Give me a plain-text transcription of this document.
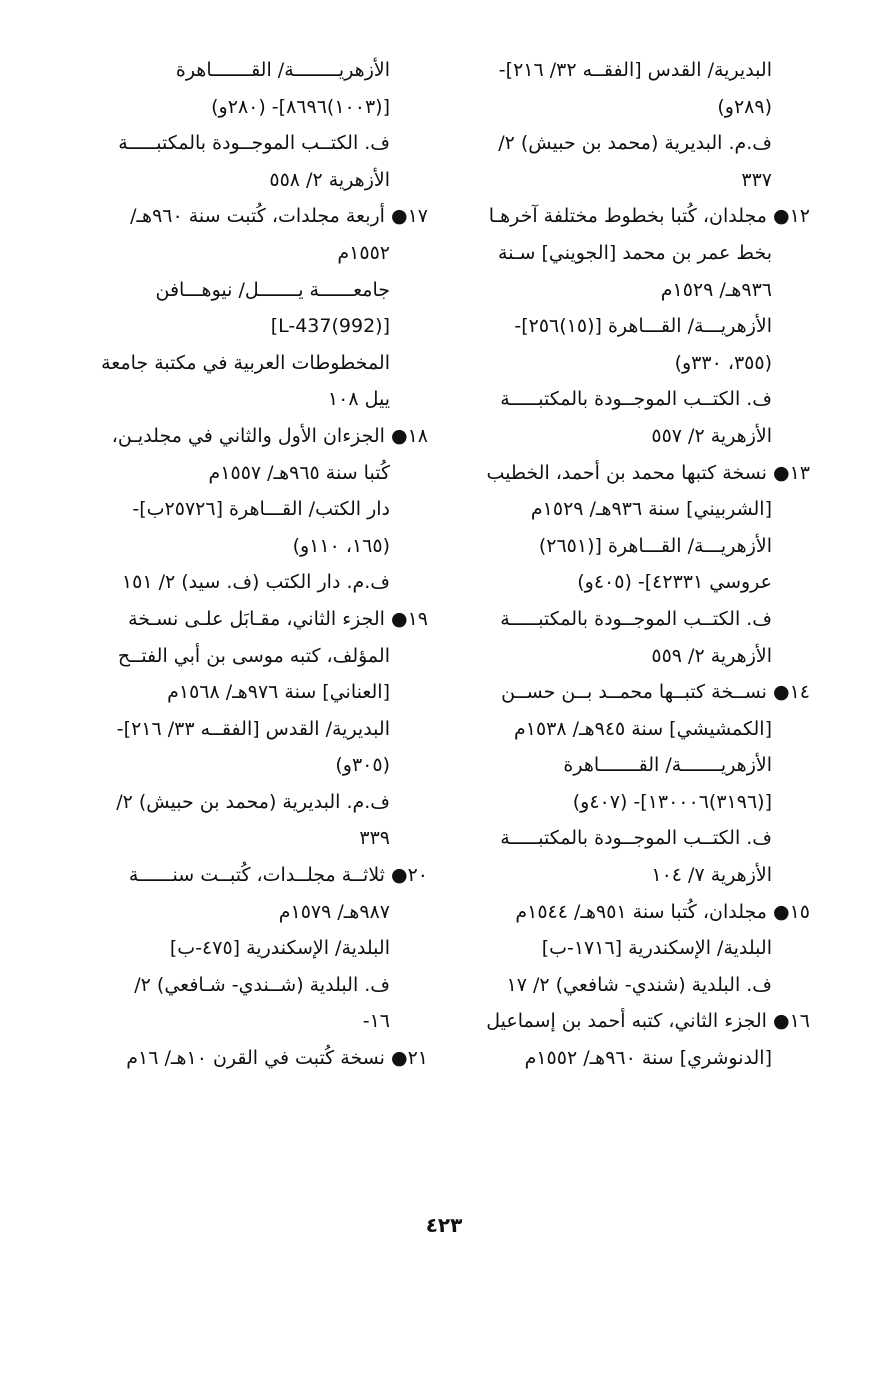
البديرية/ القدس [الفقــه ٣٢/ ٢١٦]-
(٢٨٩و)
ف.م. البديرية (محمد بن حبيش) ٢/
٣٣٧
١٢● مجلدان، كُتبا بخطوط مختلفة آخرهـا
بخط عمر بن محمد [الجويني] سـنة
٩٣٦هـ/ ١٥٢٩م
الأزهريـــة/ القـــاهرة [(١٥)٢٥٦]-
(٣٥٥، ٣٣٠و)
ف. الكتــب الموجــودة بالمكتبـــــة
الأزهرية ٢/ ٥٥٧
١٣● نسخة كتبها محمد بن أحمد، الخطيب
[الشربيني] سنة ٩٣٦هـ/ ١٥٢٩م
الأزهريـــة/ القـــاهرة [(٢٦٥١)
عروسي ٤٢٣٣١]- (٤٠٥و)
ف. الكتــب الموجــودة بالمكتبـــــة
الأزهرية ٢/ ٥٥٩
١٤● نســخة كتبــها محمــد بــن حســن
[الكمشيشي] سنة ٩٤٥هـ/ ١٥٣٨م
الأزهريـــــــة/ القـــــــاهرة
[(٣١٩٦)١٣٠٠٠٦]- (٤٠٧و)
ف. الكتــب الموجــودة بالمكتبـــــة
الأزهرية ٧/ ١٠٤
١٥● مجلدان، كُتبا سنة ٩٥١هـ/ ١٥٤٤م
البلدية/ الإسكندرية [١٧١٦-ب]
ف. البلدية (شندي- شافعي) ٢/ ١٧
١٦● الجزء الثاني، كتبه أحمد بن إسماعيل
[الدنوشري] سنة ٩٦٠هـ/ ١٥٥٢م
الأزهريــــــــة/ القـــــــاهرة
[(١٠٠٣)٨٦٩٦]- (٢٨٠و)
ف. الكتــب الموجــودة بالمكتبـــــة
الأزهرية ٢/ ٥٥٨
١٧● أربعة مجلدات، كُتبت سنة ٩٦٠هـ/
١٥٥٢م
جامعــــــة يـــــــل/ نيوهـــافن
[(992)L-437]
المخطوطات العربية في مكتبة جامعة
ييل ١٠٨
١٨● الجزءان الأول والثاني في مجلديـن،
كُتبا سنة ٩٦٥هـ/ ١٥٥٧م
دار الكتب/ القـــاهرة [٢٥٧٢٦ب]-
(١٦٥، ١١٠و)
ف.م. دار الكتب (ف. سيد) ٢/ ١٥١
١٩● الجزء الثاني، مقـابَل علـى نسـخة
المؤلف، كتبه موسى بن أبي الفتــح
[العناني] سنة ٩٧٦هـ/ ١٥٦٨م
البديرية/ القدس [الفقــه ٣٣/ ٢١٦]-
(٣٠٥و)
ف.م. البديرية (محمد بن حبيش) ٢/
٣٣٩
٢٠● ثلاثــة مجلــدات، كُتبــت سنــــــة
٩٨٧هـ/ ١٥٧٩م
البلدية/ الإسكندرية [٤٧٥-ب]
ف. البلدية (شــندي- شـافعي) ٢/
١٦-
٢١● نسخة كُتبت في القرن ١٠هـ/ ١٦م
٤٢٣
